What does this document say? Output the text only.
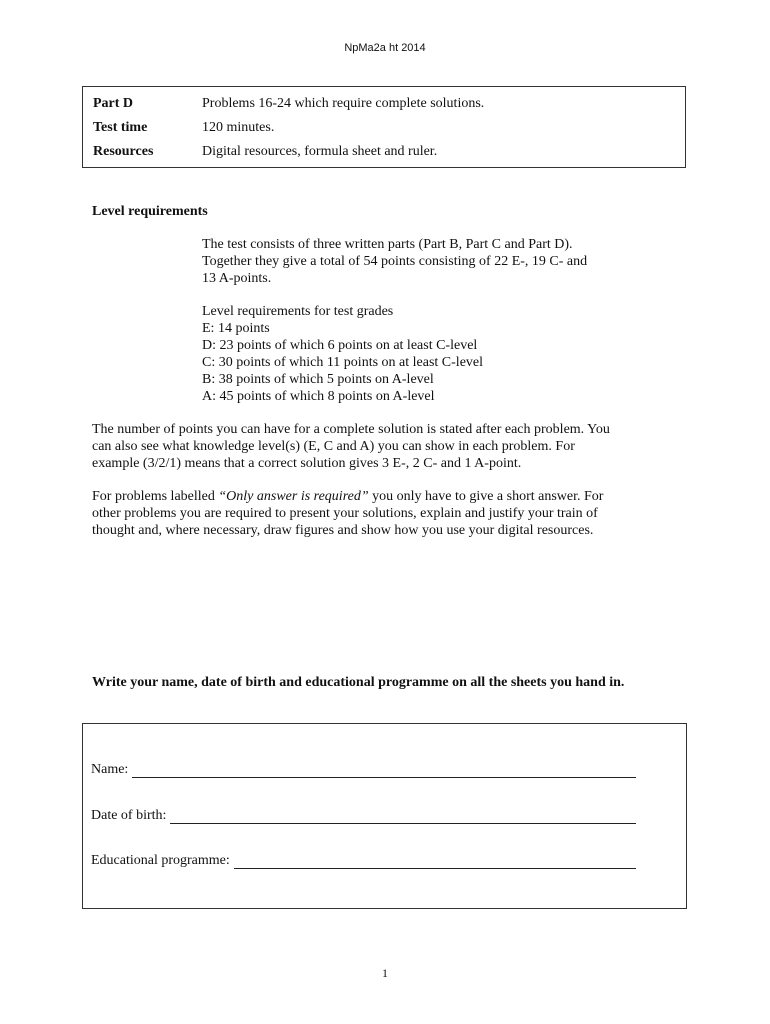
NpMa2a ht 2014
Part D	Problems 16-24 which require complete solutions.
Test time	120 minutes.
Resources	Digital resources, formula sheet and ruler.
Level requirements

The test consists of three written parts (Part B, Part C and Part D).

Together they give a total of 54 points consisting of 22 E-, 19 C- and

13 A-points.

Level requirements for test grades

E: 14 points

D: 23 points of which 6 points on at least C-level

C: 30 points of which 11 points on at least C-level

B: 38 points of which 5 points on A-level

A: 45 points of which 8 points on A-level

The number of points you can have for a complete solution is stated after each problem. You

can also see what knowledge level(s) (E, C and A) you can show in each problem. For

example (3/2/1) means that a correct solution gives 3 E-, 2 C- and 1 A-point.

For problems labelled “Only answer is required” you only have to give a short answer. For

other problems you are required to present your solutions, explain and justify your train of

thought and, where necessary, draw figures and show how you use your digital resources.

Write your name, date of birth and educational programme on all the sheets you hand in.
Name:
Date of birth:
Educational programme:
1
